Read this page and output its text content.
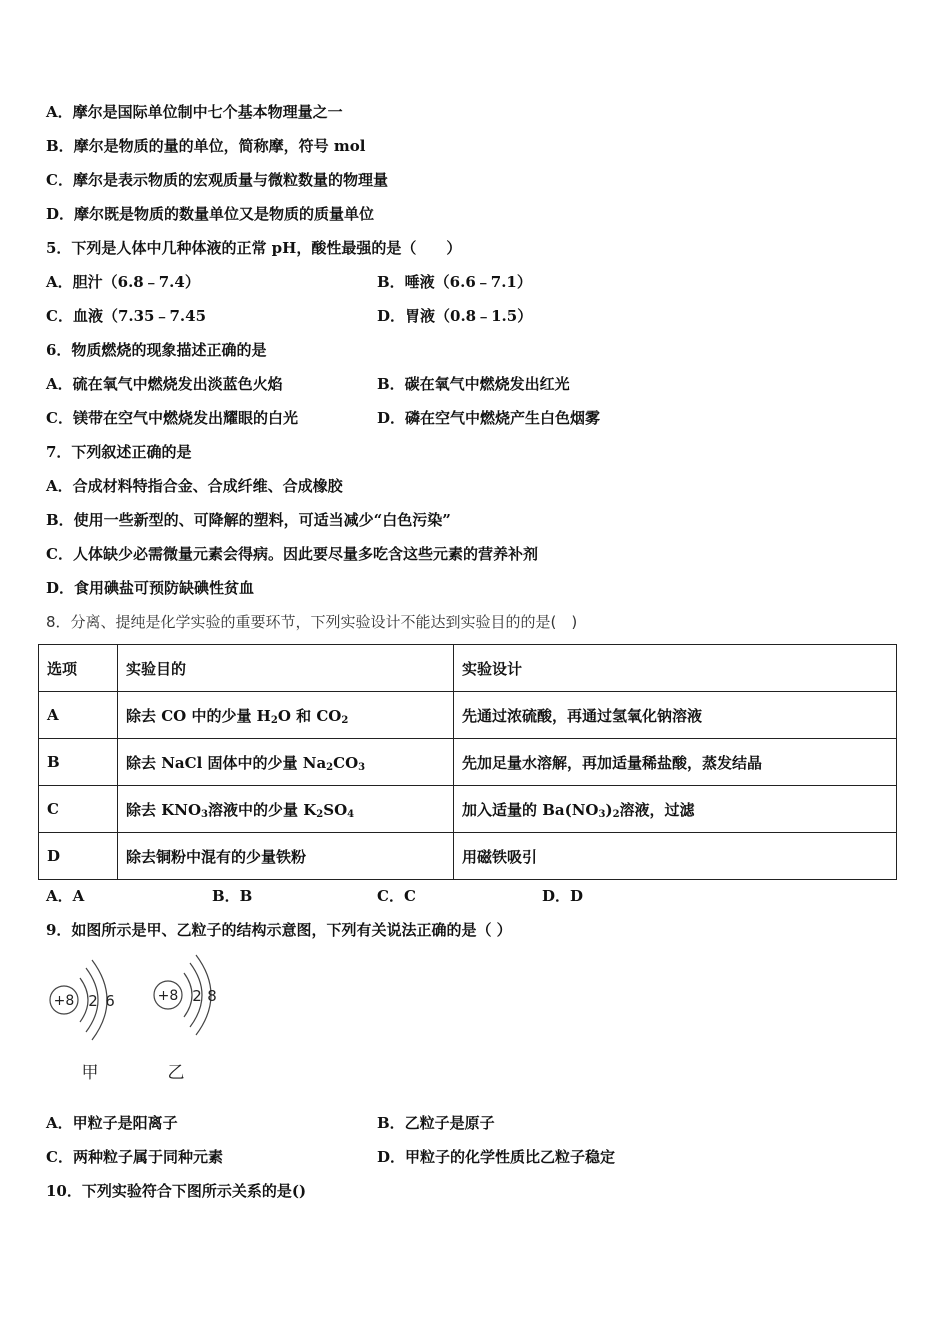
A．摩尔是国际单位制中七个基本物理量之一
B．摩尔是物质的量的单位，简称摩，符号 mol
C．摩尔是表示物质的宏观质量与微粒数量的物理量
D．摩尔既是物质的数量单位又是物质的质量单位
5．下列是人体中几种体液的正常 pH，酸性最强的是（　　）
A．胆汁（6.8﹣7.4）	B．唾液（6.6﹣7.1）
C．血液（7.35﹣7.45	D．胃液（0.8﹣1.5）
6．物质燃烧的现象描述正确的是
A．硫在氧气中燃烧发出淡蓝色火焰	B．碳在氧气中燃烧发出红光
C．镁带在空气中燃烧发出耀眼的白光	D．磷在空气中燃烧产生白色烟雾
7．下列叙述正确的是
A．合成材料特指合金、合成纤维、合成橡胶
B．使用一些新型的、可降解的塑料，可适当减少“白色污染”
C．人体缺少必需微量元素会得病。因此要尽量多吃含这些元素的营养补剂
D．食用碘盐可预防缺碘性贫血
8．分离、提纯是化学实验的重要环节，下列实验设计不能达到实验目的的是(　)
选项	实验目的	实验设计
A	除去 CO 中的少量 $H_2O$ 和 $CO_2$	先通过浓硫酸，再通过氢氧化钠溶液
B	除去 NaCl 固体中的少量 $Na_2CO_3$	先加足量水溶解，再加适量稀盐酸，蒸发结晶
C	除去 $KNO_3$溶液中的少量 $K_2SO_4$	加入适量的 $Ba(NO_3)_2$溶液，过滤
D	除去铜粉中混有的少量铁粉	用磁铁吸引
A．A	B．B	C．C	D．D
9．如图所示是甲、乙粒子的结构示意图，下列有关说法正确的是（ ）
+8 2 6
甲
+8 2 8
乙
A．甲粒子是阳离子	B．乙粒子是原子
C．两种粒子属于同种元素	D．甲粒子的化学性质比乙粒子稳定
10．下列实验符合下图所示关系的是()
